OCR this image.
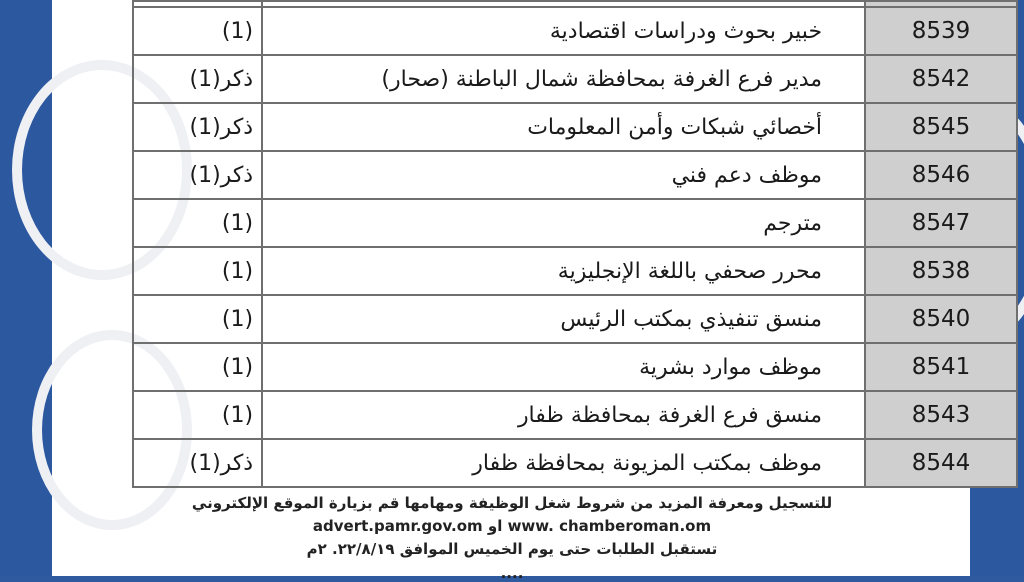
(1)	خبير بحوث ودراسات اقتصادية	8539
ذكر(1)	مدير فرع الغرفة بمحافظة شمال الباطنة (صحار)	8542
ذكر(1)	أخصائي شبكات وأمن المعلومات	8545
ذكر(1)	موظف دعم فني	8546
(1)	مترجم	8547
(1)	محرر صحفي باللغة الإنجليزية	8538
(1)	منسق تنفيذي بمكتب الرئيس	8540
(1)	موظف موارد بشرية	8541
(1)	منسق فرع الغرفة بمحافظة ظفار	8543
ذكر(1)	موظف بمكتب المزيونة بمحافظة ظفار	8544
للتسجيل ومعرفة المزيد من شروط شغل الوظيفة ومهامها قم بزيارة الموقع الإلكتروني
advert.pamr.gov.om او www. chamberoman.om
تستقبل الطلبات حتى يوم الخميس الموافق ٢٢/٨/١٩. ٢م
....
